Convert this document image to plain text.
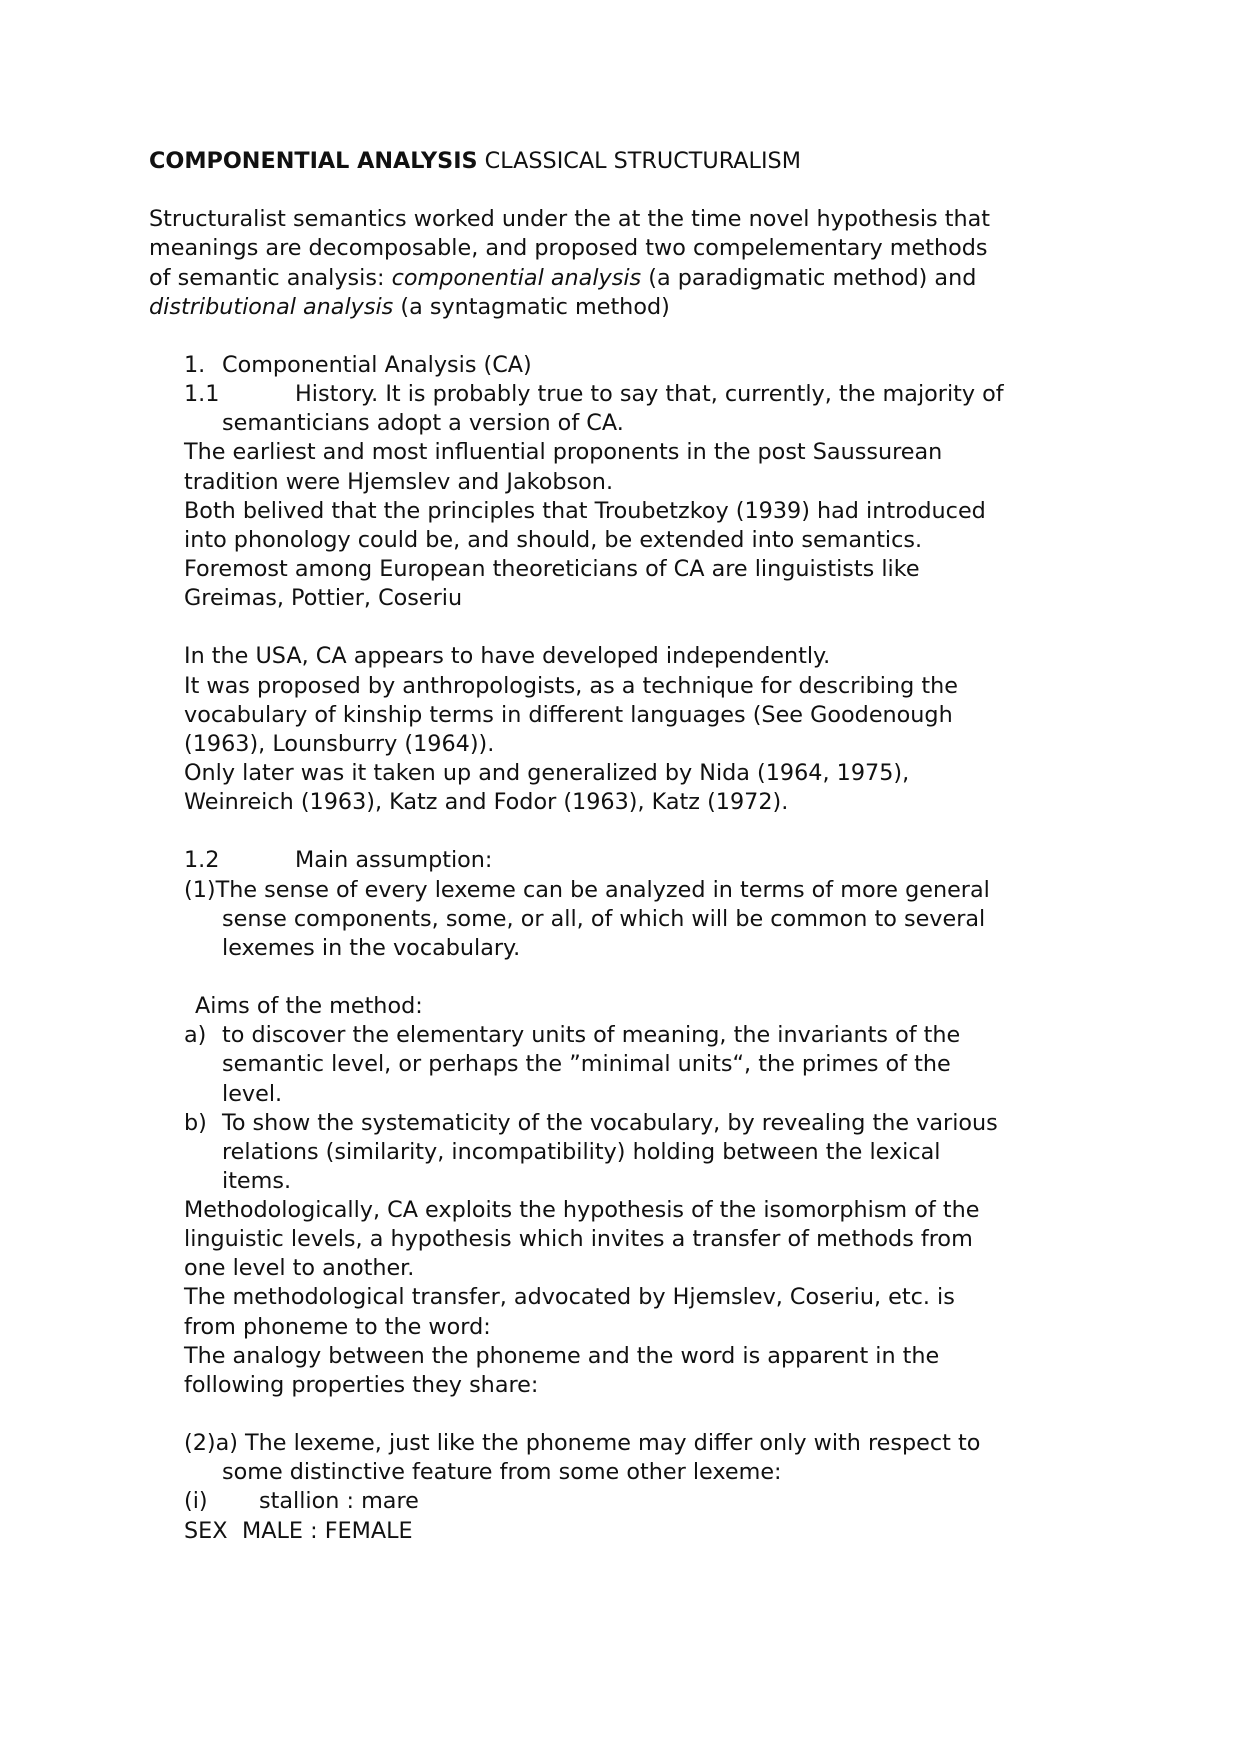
COMPONENTIAL ANALYSIS CLASSICAL STRUCTURALISM
Structuralist semantics worked under the at the time novel hypothesis that
meanings are decomposable, and proposed two compelementary methods
of semantic analysis: componential analysis (a paradigmatic method) and
distributional analysis (a syntagmatic method)
1. Componential Analysis (CA)
1.1	History. It is probably true to say that, currently, the majority of
semanticians adopt a version of CA.
The earliest and most influential proponents in the post Saussurean
tradition were Hjemslev and Jakobson.
Both belived that the principles that Troubetzkoy (1939) had introduced
into phonology could be, and should, be extended into semantics.
Foremost among European theoreticians of CA are linguistists like
Greimas, Pottier, Coseriu
In the USA, CA appears to have developed independently.
It was proposed by anthropologists, as a technique for describing the
vocabulary of kinship terms in different languages (See Goodenough
(1963), Lounsburry (1964)).
Only later was it taken up and generalized by Nida (1964, 1975),
Weinreich (1963), Katz and Fodor (1963), Katz (1972).
1.2	Main assumption:
(1)The sense of every lexeme can be analyzed in terms of more general
sense components, some, or all, of which will be common to several
lexemes in the vocabulary.
Aims of the method:
a) to discover the elementary units of meaning, the invariants of the
semantic level, or perhaps the ”minimal units“, the primes of the
level.
b) To show the systematicity of the vocabulary, by revealing the various
relations (similarity, incompatibility) holding between the lexical
items.
Methodologically, CA exploits the hypothesis of the isomorphism of the
linguistic levels, a hypothesis which invites a transfer of methods from
one level to another.
The methodological transfer, advocated by Hjemslev, Coseriu, etc. is
from phoneme to the word:
The analogy between the phoneme and the word is apparent in the
following properties they share:
(2)a) The lexeme, just like the phoneme may differ only with respect to
some distinctive feature from some other lexeme:
(i) stallion : mare
SEX MALE : FEMALE
